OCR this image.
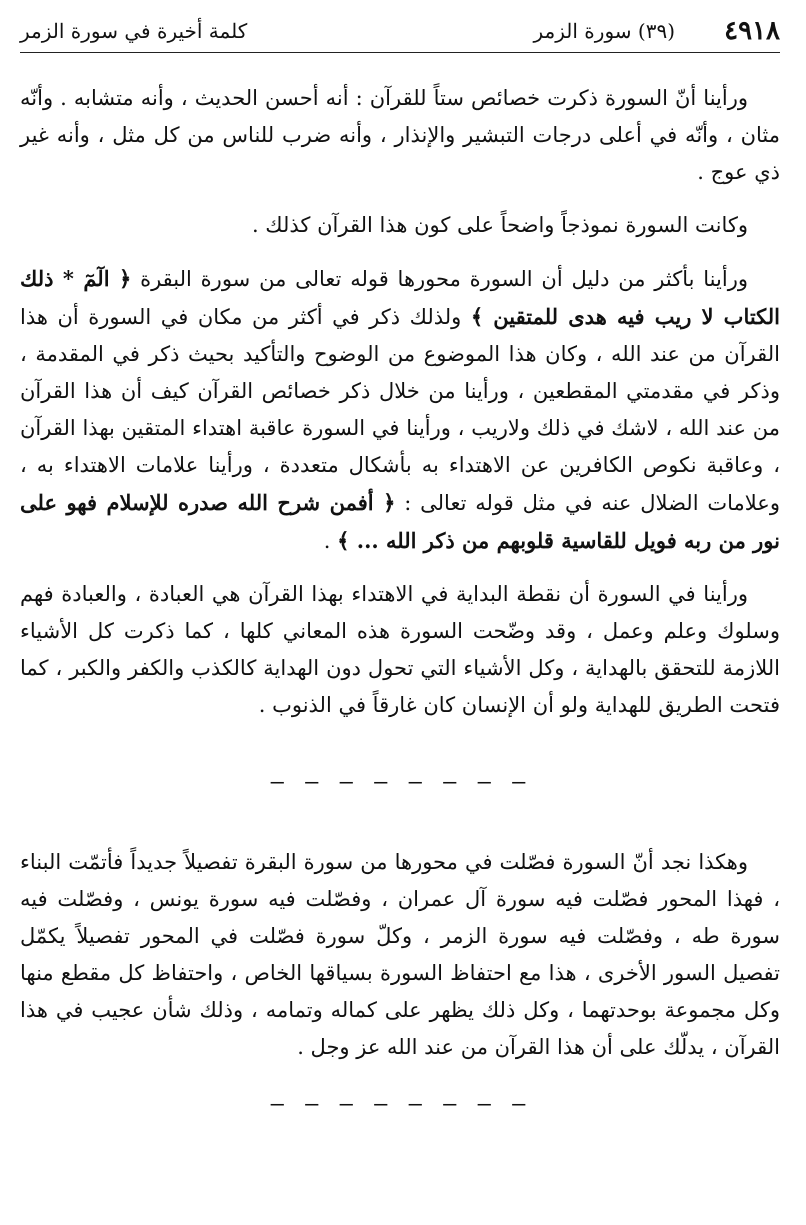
٤٩١٨
(٣٩) سورة الزمر
كلمة أخيرة في سورة الزمر

ورأينا أنّ السورة ذكرت خصائص ستاً للقرآن : أنه أحسن الحديث ، وأنه متشابه . وأنّه مثان ، وأنّه في أعلى درجات التبشير والإنذار ، وأنه ضرب للناس من كل مثل ، وأنه غير ذي عوج .

وكانت السورة نموذجاً واضحاً على كون هذا القرآن كذلك .

ورأينا بأكثر من دليل أن السورة محورها قوله تعالى من سورة البقرة ﴿ الٓمٓ * ذلك الكتاب لا ريب فيه هدى للمتقين ﴾ ولذلك ذكر في أكثر من مكان في السورة أن هذا القرآن من عند الله ، وكان هذا الموضوع من الوضوح والتأكيد بحيث ذكر في المقدمة ، وذكر في مقدمتي المقطعين ، ورأينا من خلال ذكر خصائص القرآن كيف أن هذا القرآن من عند الله ، لاشك في ذلك ولاريب ، ورأينا في السورة عاقبة اهتداء المتقين بهذا القرآن ، وعاقبة نكوص الكافرين عن الاهتداء به بأشكال متعددة ، ورأينا علامات الاهتداء به ، وعلامات الضلال عنه في مثل قوله تعالى : ﴿ أفمن شرح الله صدره للإسلام فهو على نور من ربه فويل للقاسية قلوبهم من ذكر الله ... ﴾ .

ورأينا في السورة أن نقطة البداية في الاهتداء بهذا القرآن هي العبادة ، والعبادة فهم وسلوك وعلم وعمل ، وقد وضّحت السورة هذه المعاني كلها ، كما ذكرت كل الأشياء اللازمة للتحقق بالهداية ، وكل الأشياء التي تحول دون الهداية كالكذب والكفر والكبر ، كما فتحت الطريق للهداية ولو أن الإنسان كان غارقاً في الذنوب .

— — — — — — — —

وهكذا نجد أنّ السورة فصّلت في محورها من سورة البقرة تفصيلاً جديداً فأتمّت البناء ، فهذا المحور فصّلت فيه سورة آل عمران ، وفصّلت فيه سورة يونس ، وفصّلت فيه سورة طه ، وفصّلت فيه سورة الزمر ، وكلّ سورة فصّلت في المحور تفصيلاً يكمّل تفصيل السور الأخرى ، هذا مع احتفاظ السورة بسياقها الخاص ، واحتفاظ كل مقطع منها وكل مجموعة بوحدتهما ، وكل ذلك يظهر على كماله وتمامه ، وذلك شأن عجيب في هذا القرآن ، يدلّك على أن هذا القرآن من عند الله عز وجل .

— — — — — — — —
